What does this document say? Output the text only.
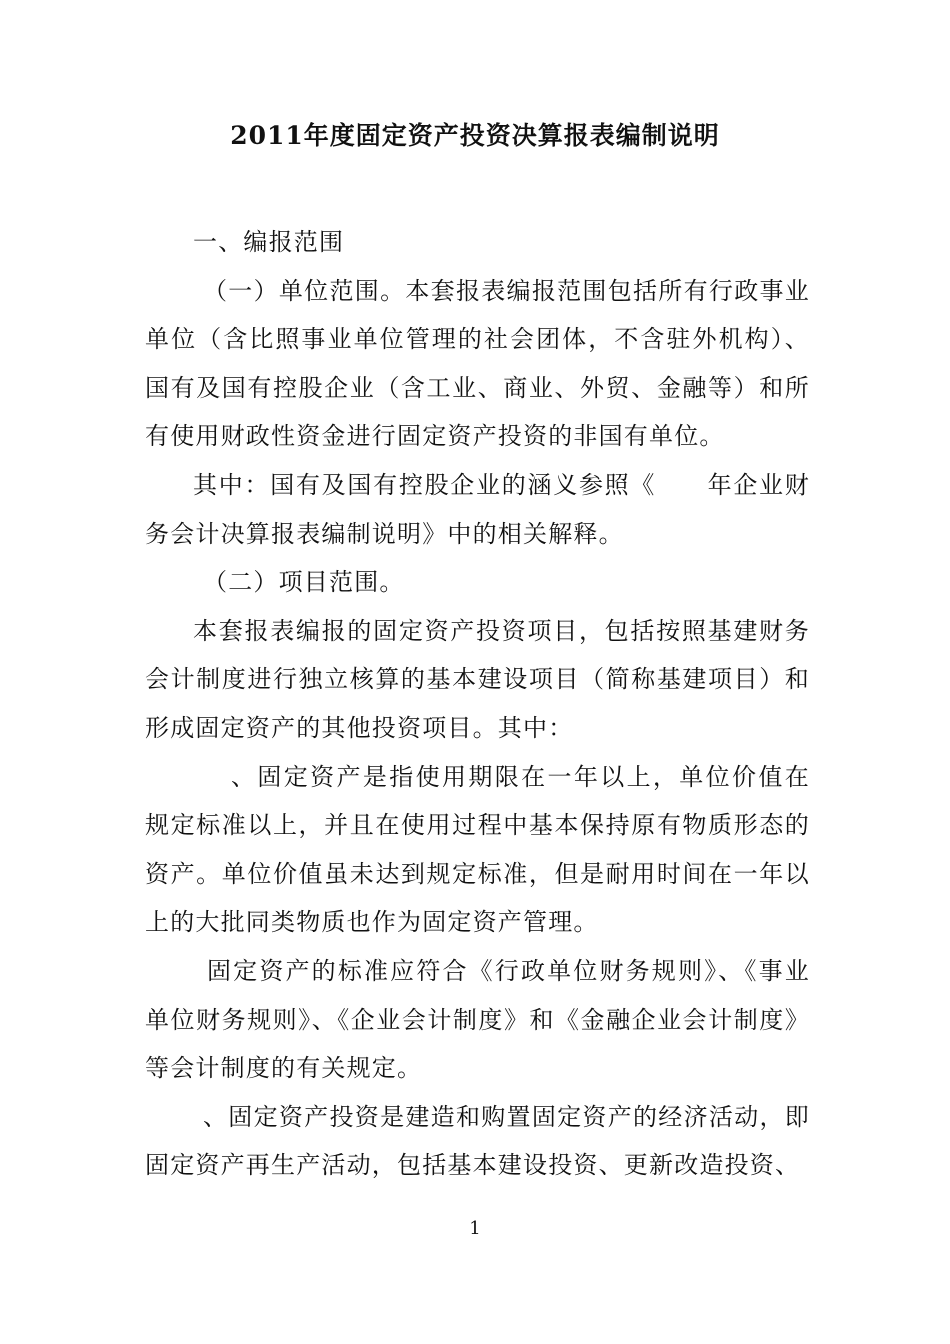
2011年度固定资产投资决算报表编制说明

一、编报范围

（一）单位范围。本套报表编报范围包括所有行政事业单位（含比照事业单位管理的社会团体，不含驻外机构）、国有及国有控股企业（含工业、商业、外贸、金融等）和所有使用财政性资金进行固定资产投资的非国有单位。

其中：国有及国有控股企业的涵义参照《　　年企业财务会计决算报表编制说明》中的相关解释。

（二）项目范围。

本套报表编报的固定资产投资项目，包括按照基建财务会计制度进行独立核算的基本建设项目（简称基建项目）和形成固定资产的其他投资项目。其中：

、固定资产是指使用期限在一年以上，单位价值在规定标准以上，并且在使用过程中基本保持原有物质形态的资产。单位价值虽未达到规定标准，但是耐用时间在一年以上的大批同类物质也作为固定资产管理。

固定资产的标准应符合《行政单位财务规则》、《事业单位财务规则》、《企业会计制度》和《金融企业会计制度》等会计制度的有关规定。

、固定资产投资是建造和购置固定资产的经济活动，即固定资产再生产活动，包括基本建设投资、更新改造投资、

1
